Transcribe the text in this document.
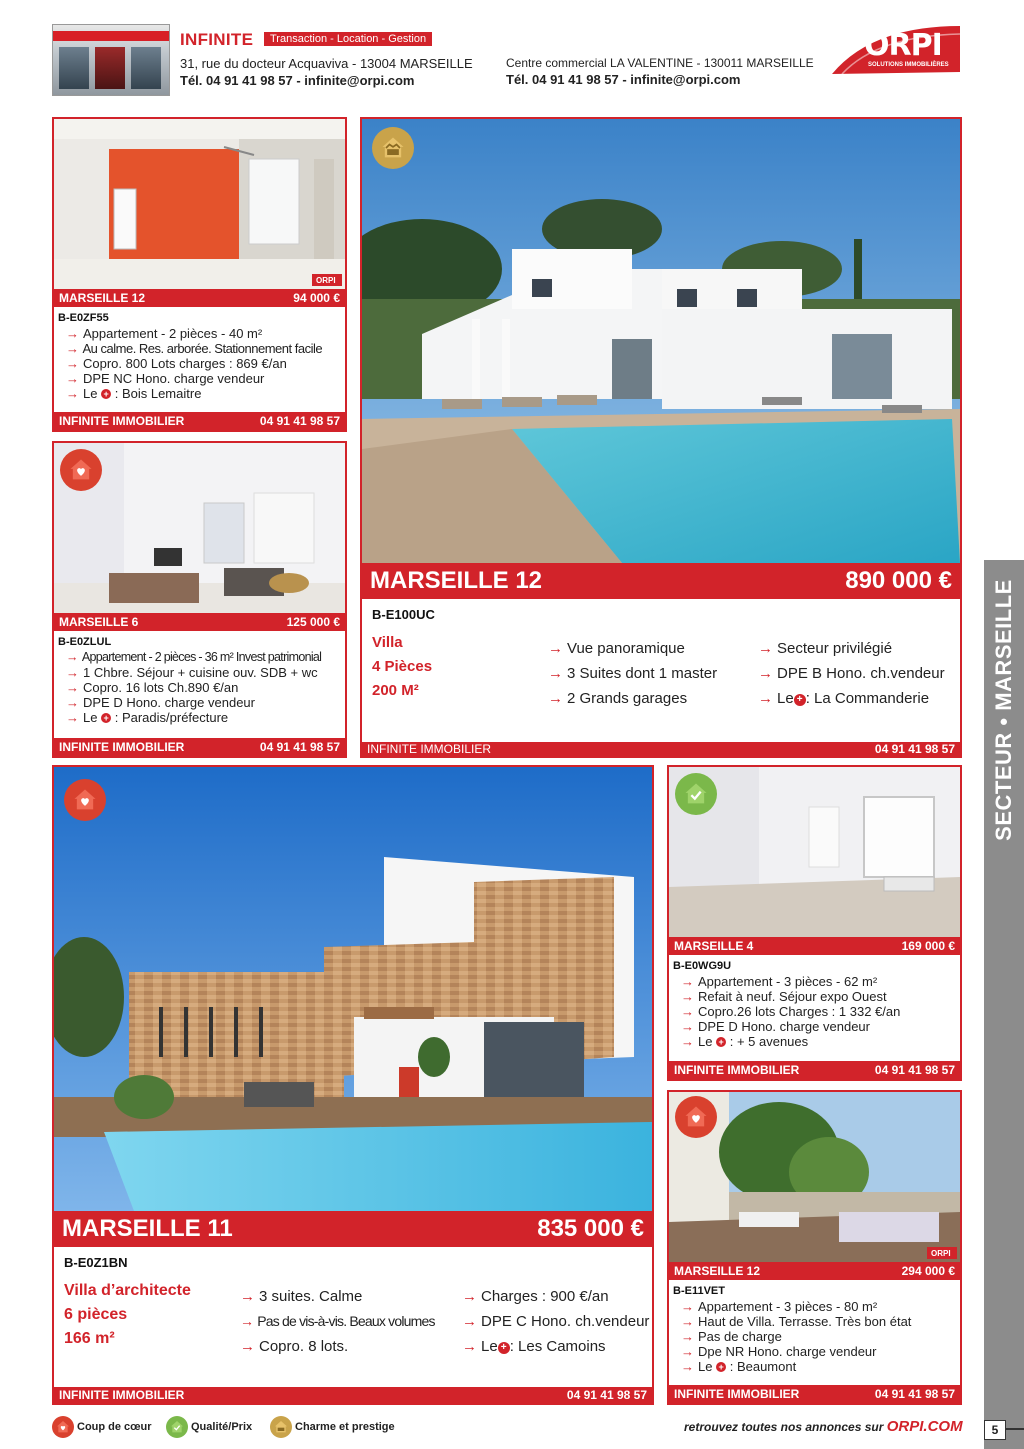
INFINITE	Transaction - Location - Gestion
31, rue du docteur Acquaviva - 13004 MARSEILLE
Tél. 04 91 41 98 57 - infinite@orpi.com
Centre commercial LA VALENTINE - 130011 MARSEILLE
Tél. 04 91 41 98 57 - infinite@orpi.com
ORPI
SOLUTIONS IMMOBILIÈRES
ORPI
MARSEILLE 12	94 000 €
B-E0ZF55
→ Appartement - 2 pièces - 40 m²
→ Au calme. Res. arborée. Stationnement facile
→ Copro. 800 Lots charges : 869 €/an
→ DPE NC Hono. charge vendeur
→ Le + : Bois Lemaitre
INFINITE IMMOBILIER	04 91 41 98 57
MARSEILLE 6	125 000 €
B-E0ZLUL
→ Appartement - 2 pièces - 36 m² Invest patrimonial
→ 1 Chbre. Séjour + cuisine ouv. SDB + wc
→ Copro. 16 lots Ch.890 €/an
→ DPE D Hono. charge vendeur
→ Le + : Paradis/préfecture
INFINITE IMMOBILIER	04 91 41 98 57
MARSEILLE 12	890 000 €
B-E100UC
Villa
4 Pièces
200 M²
→ Vue panoramique
→ 3 Suites dont 1 master
→ 2 Grands garages
→ Secteur privilégié
→ DPE B Hono. ch.vendeur
→ Le + : La Commanderie
INFINITE IMMOBILIER	04 91 41 98 57
MARSEILLE 11	835 000 €
B-E0Z1BN
Villa d’architecte
6 pièces
166 m²
→ 3 suites. Calme
→ Pas de vis-à-vis. Beaux volumes
→ Copro. 8 lots.
→ Charges : 900 €/an
→ DPE C Hono. ch.vendeur
→ Le + : Les Camoins
INFINITE IMMOBILIER	04 91 41 98 57
MARSEILLE 4	169 000 €
B-E0WG9U
→ Appartement - 3 pièces - 62 m²
→ Refait à neuf. Séjour expo Ouest
→ Copro.26 lots Charges : 1 332 €/an
→ DPE D Hono. charge vendeur
→ Le + : + 5 avenues
INFINITE IMMOBILIER	04 91 41 98 57
ORPI
MARSEILLE 12	294 000 €
B-E11VET
→ Appartement - 3 pièces - 80 m²
→ Haut de Villa. Terrasse. Très bon état
→ Pas de charge
→ Dpe NR Hono. charge vendeur
→ Le + : Beaumont
INFINITE IMMOBILIER	04 91 41 98 57
SECTEUR • MARSEILLE
Coup de cœur	Qualité/Prix	Charme et prestige	retrouvez toutes nos annonces sur ORPI.COM	5
